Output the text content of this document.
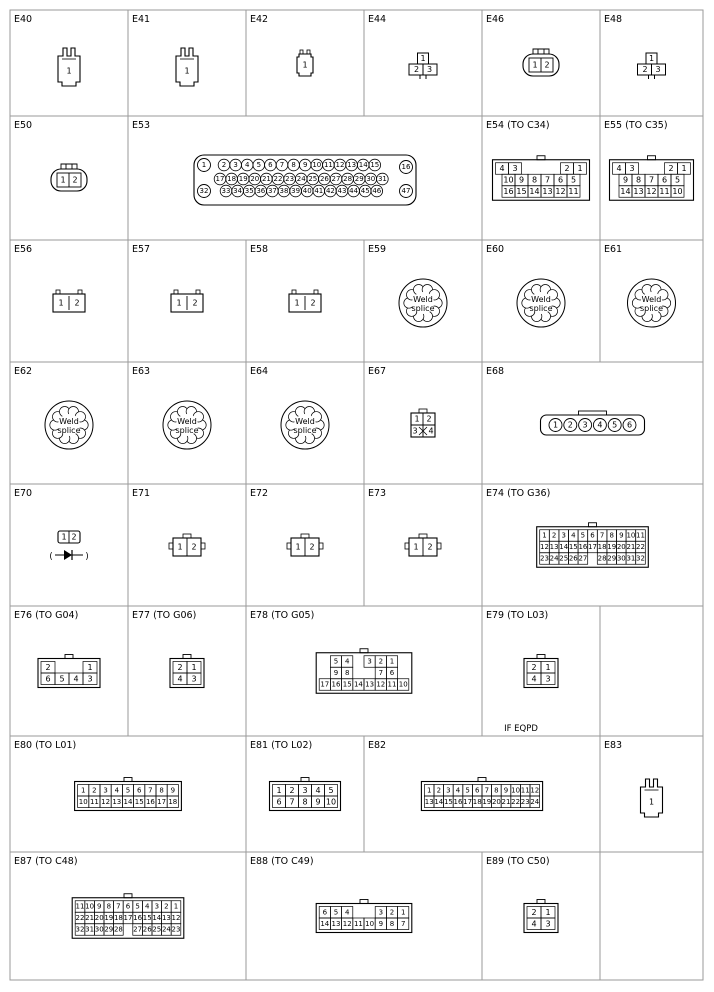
E40
1
E41
1
E42
1
E44
1
2 3
E46
1 2
E48
1
2 3
E50
1 2
E53
1 2 3 4 5 6 7 8 9 10 11 12 13 14 15	16
17 18 19 20 21 22 23 24 25 26 27 28 29 30 31
32 33 34 35 36 37 38 39 40 41 42 43 44 45 46	47
E54 (TO C34)
4 3	2 1
10 9 8 7 6 5
16 15 14 13 12 11
E55 (TO C35)
4 3	2 1
9 8 7 6 5
14 13 12 11 10
E56
1 2
E57
1 2
E58
1 2
E59
Weld
splice
E60
Weld
splice
E61
Weld
splice
E62
Weld
splice
E63
Weld
splice
E64
Weld
splice
E67
1 2
3 4
E68
1 2 3 4 5 6
E70
1 2
(	)
E71
1 2
E72
1 2
E73
1 2
E74 (TO G36)
1 2 3 4 5 6 7 8 9 10 11
12 13 14 15 16 17 18 19 20 21 22
23 24 25 26 27 28 29 30 31 32
E76 (TO G04)
2	1
6 5 4 3
E77 (TO G06)
2 1
4 3
E78 (TO G05)
5 4	3 2 1
9 8	7 6
17 16 15 14 13 12 11 10
E79 (TO L03)
2 1
4 3
IF EQPD
E80 (TO L01)
1 2 3 4 5 6 7 8 9
10 11 12 13 14 15 16 17 18
E81 (TO L02)
1 2 3 4 5
6 7 8 9 10
E82
1 2 3 4 5 6 7 8 9 10 11 12
13 14 15 16 17 18 19 20 21 22 23 24
E83
1
E87 (TO C48)
11 10 9 8 7 6 5 4 3 2 1
22 21 20 19 18 17 16 15 14 13 12
32 31 30 29 28 27 26 25 24 23
E88 (TO C49)
6 5 4	3 2 1
14 13 12 11 10 9 8 7
E89 (TO C50)
2 1
4 3
